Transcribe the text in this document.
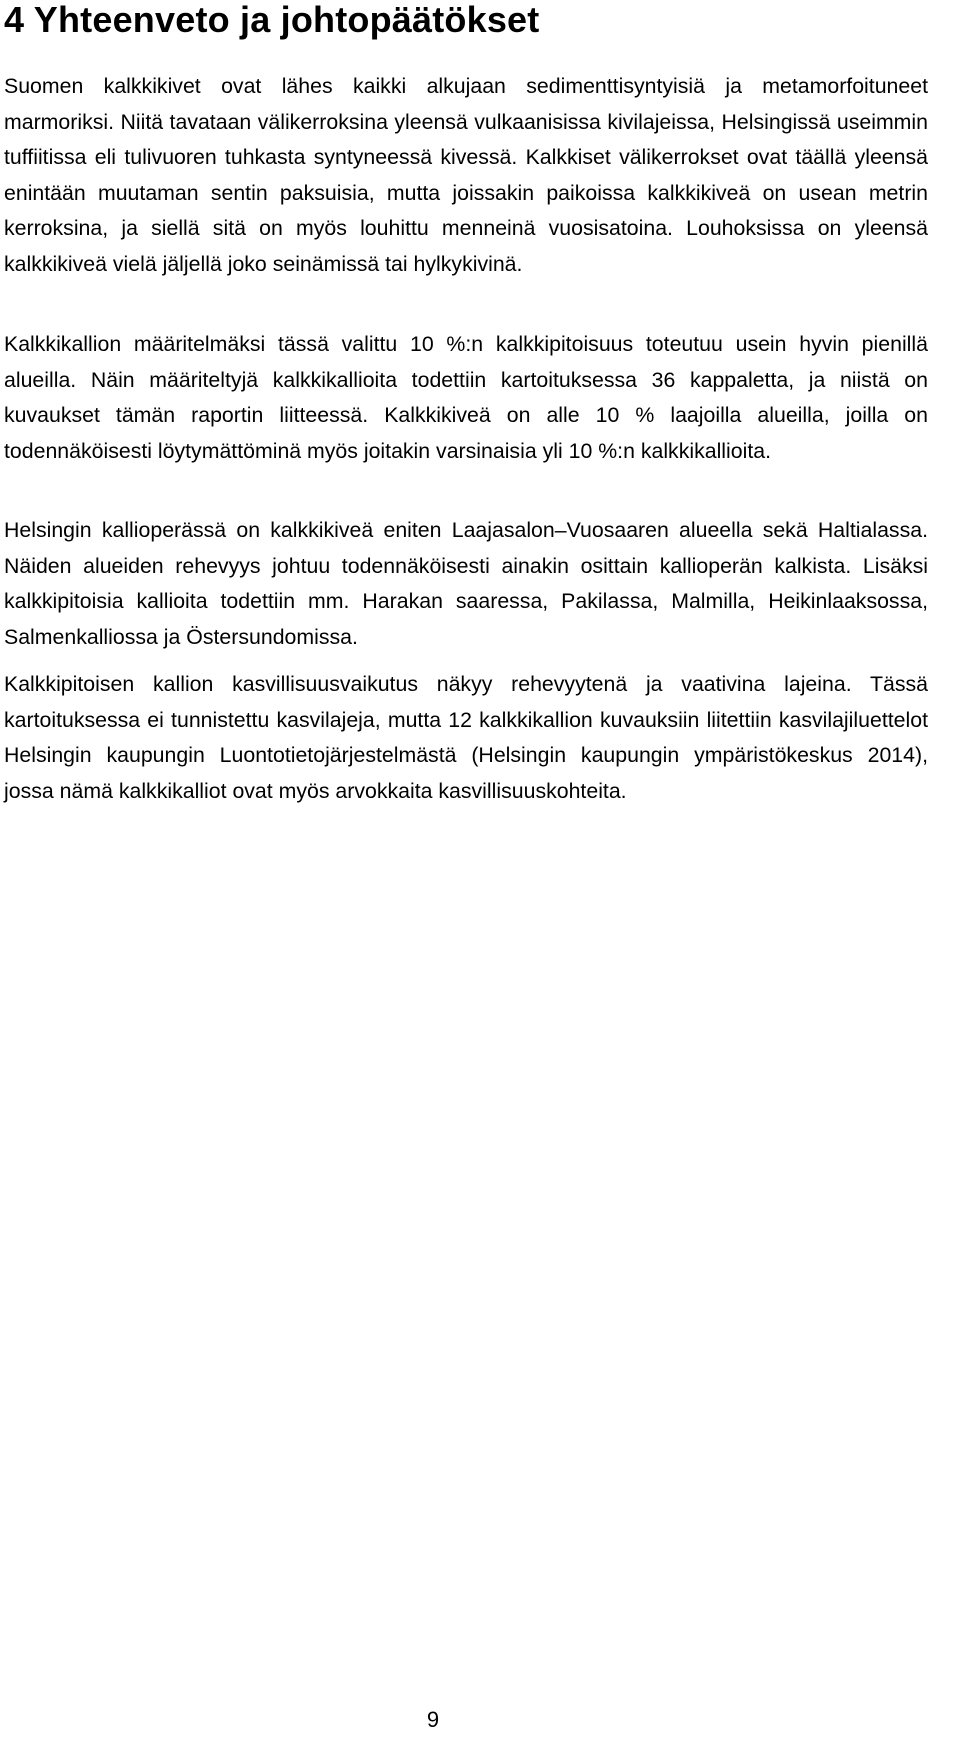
4 Yhteenveto ja johtopäätökset

Suomen kalkkikivet ovat lähes kaikki alkujaan sedimenttisyntyisiä ja metamorfoituneet marmoriksi. Niitä tavataan välikerroksina yleensä vulkaanisissa kivilajeissa, Helsingissä useimmin tuffiitissa eli tulivuoren tuhkasta syntyneessä kivessä. Kalkkiset välikerrokset ovat täällä yleensä enintään muutaman sentin paksuisia, mutta joissakin paikoissa kalkkikiveä on usean metrin kerroksina, ja siellä sitä on myös louhittu menneinä vuosisatoina. Louhoksissa on yleensä kalkkikiveä vielä jäljellä joko seinämissä tai hylkykivinä.

Kalkkikallion määritelmäksi tässä valittu 10 %:n kalkkipitoisuus toteutuu usein hyvin pienillä alueilla. Näin määriteltyjä kalkkikallioita todettiin kartoituksessa 36 kappaletta, ja niistä on kuvaukset tämän raportin liitteessä. Kalkkikiveä on alle 10 % laajoilla alueilla, joilla on todennäköisesti löytymättöminä myös joitakin varsinaisia yli 10 %:n kalkkikallioita.

Helsingin kallioperässä on kalkkikiveä eniten Laajasalon–Vuosaaren alueella sekä Haltialassa. Näiden alueiden rehevyys johtuu todennäköisesti ainakin osittain kallioperän kalkista. Lisäksi kalkkipitoisia kallioita todettiin mm. Harakan saaressa, Pakilassa, Malmilla, Heikinlaaksossa, Salmenkalliossa ja Östersundomissa.

Kalkkipitoisen kallion kasvillisuusvaikutus näkyy rehevyytenä ja vaativina lajeina. Tässä kartoituksessa ei tunnistettu kasvilajeja, mutta 12 kalkkikallion kuvauksiin liitettiin kasvilajiluettelot Helsingin kaupungin Luontotietojärjestelmästä (Helsingin kaupungin ympäristökeskus 2014), jossa nämä kalkkikalliot ovat myös arvokkaita kasvillisuuskohteita.

9
